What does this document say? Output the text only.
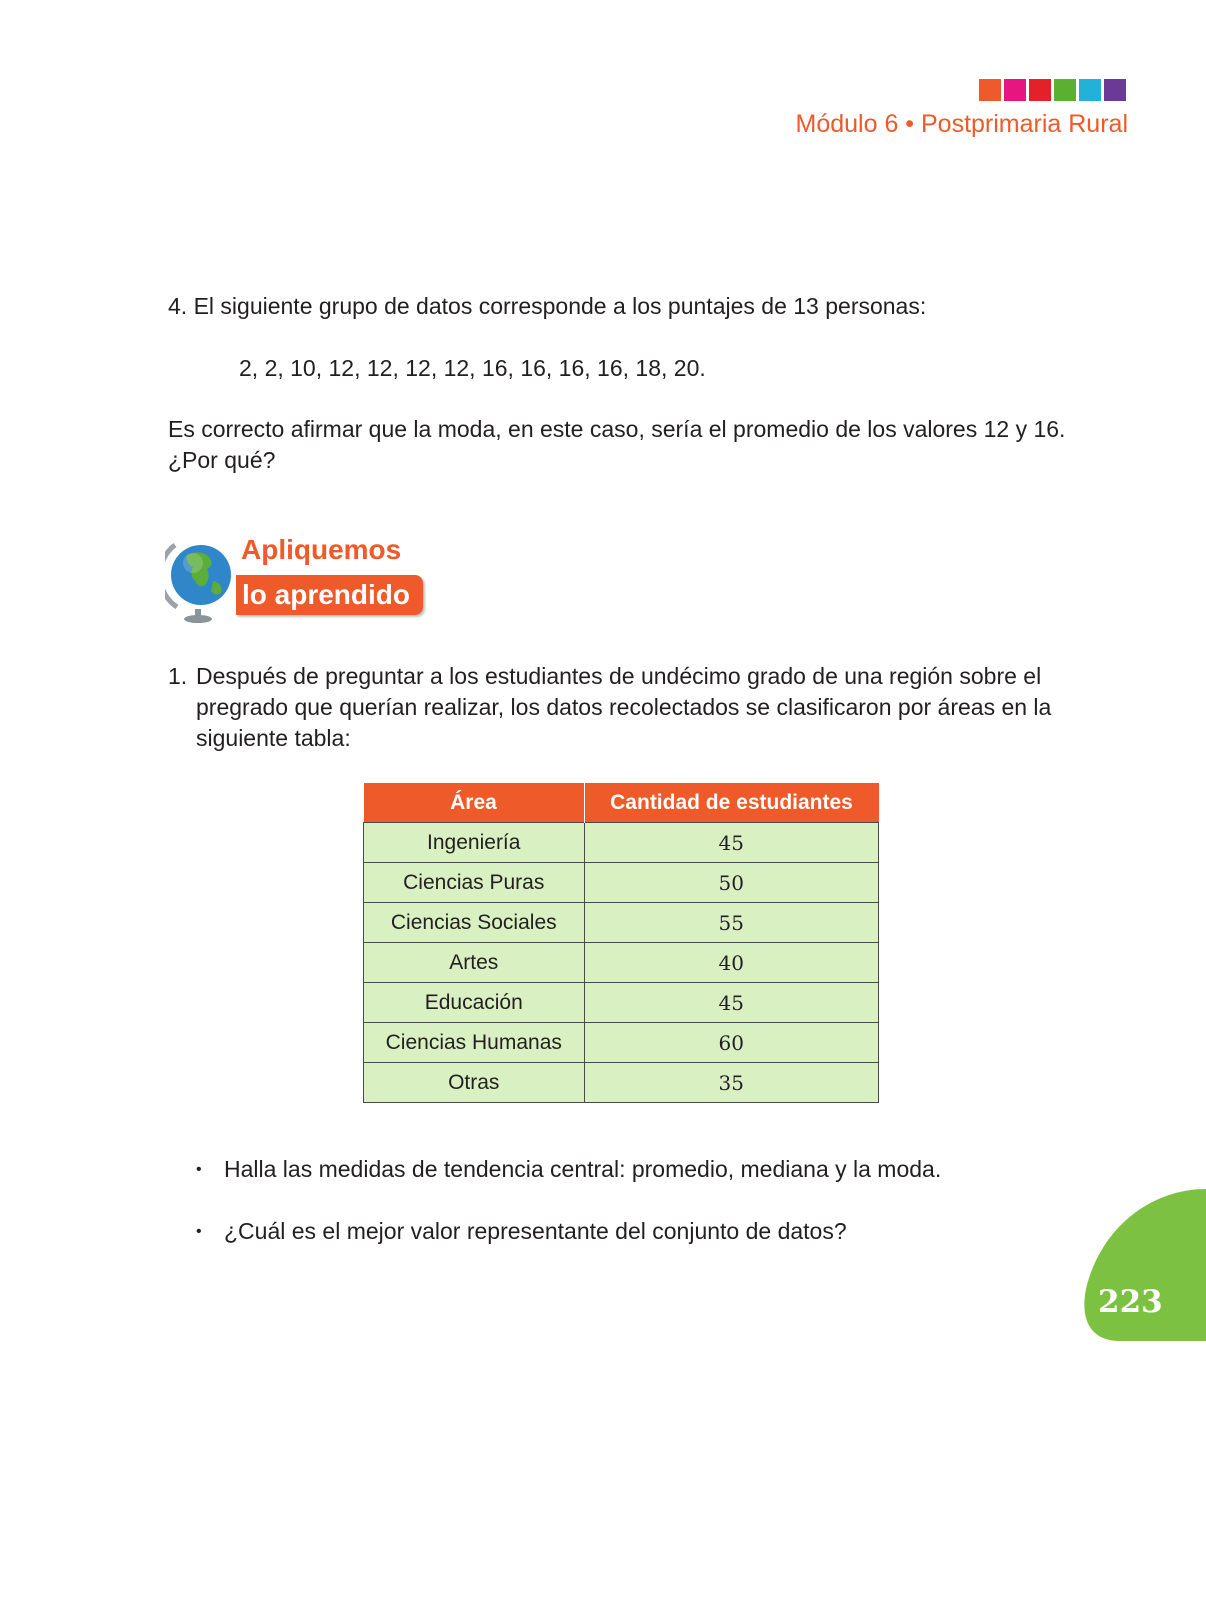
Módulo 6 • Postprimaria Rural
4. El siguiente grupo de datos corresponde a los puntajes de 13 personas:
2, 2, 10, 12, 12, 12, 12, 16, 16, 16, 16, 18, 20.
Es correcto afirmar que la moda, en este caso, sería el promedio de los valores 12 y 16.
¿Por qué?
Apliquemos
lo aprendido
1. Después de preguntar a los estudiantes de undécimo grado de una región sobre el
pregrado que querían realizar, los datos recolectados se clasificaron por áreas en la
siguiente tabla:
Área	Cantidad de estudiantes
Ingeniería	45
Ciencias Puras	50
Ciencias Sociales	55
Artes	40
Educación	45
Ciencias Humanas	60
Otras	35
• Halla las medidas de tendencia central: promedio, mediana y la moda.
• ¿Cuál es el mejor valor representante del conjunto de datos?
223
